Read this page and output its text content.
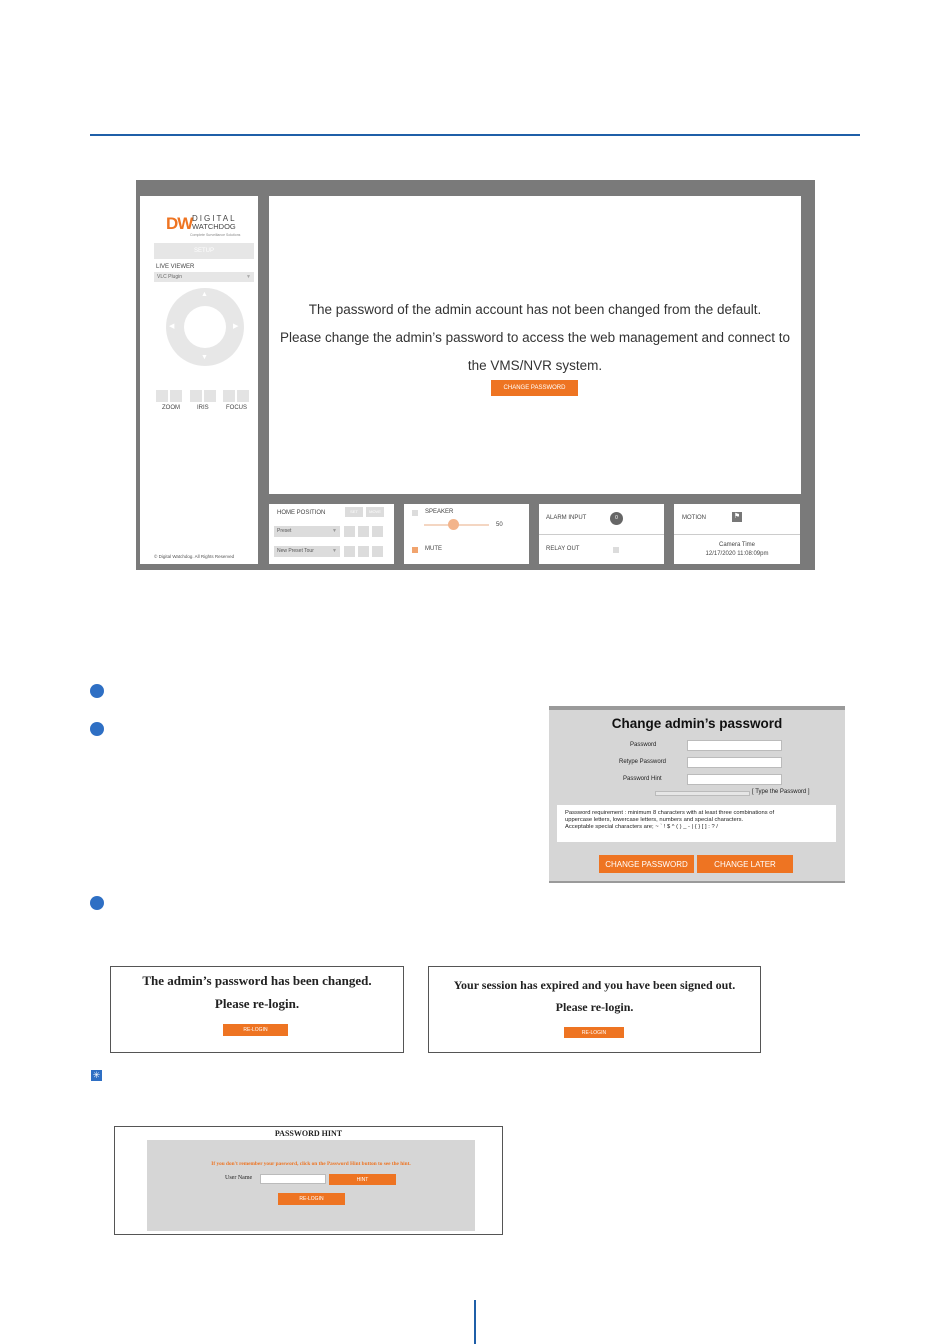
DW DIGITAL
WATCHDOG
Complete Surveillance Solutions
SETUP
LIVE VIEWER
VLC Plugin	▼
▲
▼
◀	▶
ZOOM	IRIS	FOCUS
© Digital Watchdog. All Rights Reserved
The password of the admin account has not been changed from the default.
Please change the admin’s password to access the web management and connect to
the VMS/NVR system.
CHANGE PASSWORD
HOME POSITION	SET	MOVE
Preset	▼
New Preset Tour	▼
SPEAKER
50
MUTE
ALARM INPUT	0
RELAY OUT
MOTION	⚑
Camera Time
12/17/2020 11:08:09pm
Change admin’s password
Password
Retype Password
Password Hint
[ Type the Password ]
Password requirement : minimum 8 characters with at least three combinations of
uppercase letters, lowercase letters, numbers and special characters.
Acceptable special characters are; ~ ` ! $ ^ ( ) _ - | { } [ ] : ? /
CHANGE PASSWORD	CHANGE LATER
The admin’s password has been changed.
Please re-login.
RE-LOGIN
Your session has expired and you have been signed out.
Please re-login.
RE-LOGIN
✳
PASSWORD HINT
If you don't remember your password, click on the Password Hint button to see the hint.
User Name	HINT
RE-LOGIN
